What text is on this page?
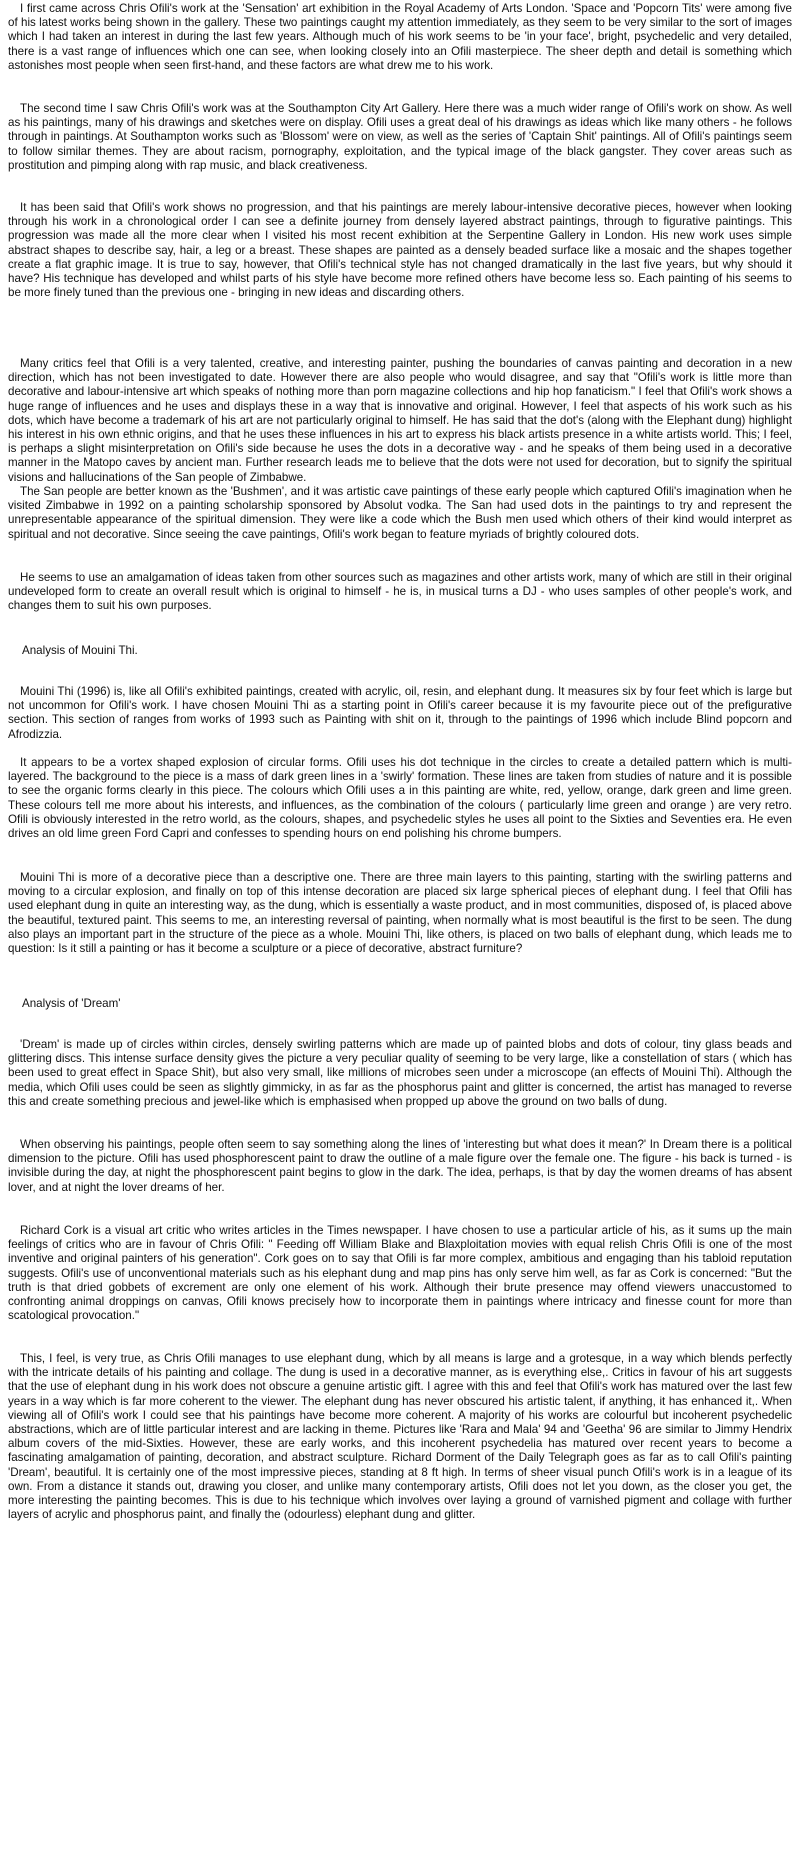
I first came across Chris Ofili's work at the 'Sensation' art exhibition in the Royal Academy of Arts London. 'Space and 'Popcorn Tits' were among five of his latest works being shown in the gallery. These two paintings caught my attention immediately, as they seem to be very similar to the sort of images which I had taken an interest in during the last few years. Although much of his work seems to be 'in your face', bright, psychedelic and very detailed, there is a vast range of influences which one can see, when looking closely into an Ofili masterpiece. The sheer depth and detail is something which astonishes most people when seen first-hand, and these factors are what drew me to his work.

The second time I saw Chris Ofili's work was at the Southampton City Art Gallery. Here there was a much wider range of Ofili's work on show. As well as his paintings, many of his drawings and sketches were on display. Ofili uses a great deal of his drawings as ideas which like many others - he follows through in paintings. At Southampton works such as 'Blossom' were on view, as well as the series of 'Captain Shit' paintings. All of Ofili's paintings seem to follow similar themes. They are about racism, pornography, exploitation, and the typical image of the black gangster. They cover areas such as prostitution and pimping along with rap music, and black creativeness.

It has been said that Ofili's work shows no progression, and that his paintings are merely labour-intensive decorative pieces, however when looking through his work in a chronological order I can see a definite journey from densely layered abstract paintings, through to figurative paintings. This progression was made all the more clear when I visited his most recent exhibition at the Serpentine Gallery in London. His new work uses simple abstract shapes to describe say, hair, a leg or a breast. These shapes are painted as a densely beaded surface like a mosaic and the shapes together create a flat graphic image. It is true to say, however, that Ofili's technical style has not changed dramatically in the last five years, but why should it have? His technique has developed and whilst parts of his style have become more refined others have become less so. Each painting of his seems to be more finely tuned than the previous one - bringing in new ideas and discarding others.

Many critics feel that Ofili is a very talented, creative, and interesting painter, pushing the boundaries of canvas painting and decoration in a new direction, which has not been investigated to date. However there are also people who would disagree, and say that "Ofili's work is little more than decorative and labour-intensive art which speaks of nothing more than porn magazine collections and hip hop fanaticism." I feel that Ofili's work shows a huge range of influences and he uses and displays these in a way that is innovative and original. However, I feel that aspects of his work such as his dots, which have become a trademark of his art are not particularly original to himself. He has said that the dot's (along with the Elephant dung) highlight his interest in his own ethnic origins, and that he uses these influences in his art to express his black artists presence in a white artists world. This; I feel, is perhaps a slight misinterpretation on Ofili's side because he uses the dots in a decorative way - and he speaks of them being used in a decorative manner in the Matopo caves by ancient man. Further research leads me to believe that the dots were not used for decoration, but to signify the spiritual visions and hallucinations of the San people of Zimbabwe.

The San people are better known as the 'Bushmen', and it was artistic cave paintings of these early people which captured Ofili's imagination when he visited Zimbabwe in 1992 on a painting scholarship sponsored by Absolut vodka. The San had used dots in the paintings to try and represent the unrepresentable appearance of the spiritual dimension. They were like a code which the Bush men used which others of their kind would interpret as spiritual and not decorative. Since seeing the cave paintings, Ofili's work began to feature myriads of brightly coloured dots.

He seems to use an amalgamation of ideas taken from other sources such as magazines and other artists work, many of which are still in their original undeveloped form to create an overall result which is original to himself - he is, in musical turns a DJ - who uses samples of other people's work, and changes them to suit his own purposes.

Analysis of Mouini Thi.

Mouini Thi (1996) is, like all Ofili's exhibited paintings, created with acrylic, oil, resin, and elephant dung. It measures six by four feet which is large but not uncommon for Ofili's work. I have chosen Mouini Thi as a starting point in Ofili's career because it is my favourite piece out of the prefigurative section. This section of ranges from works of 1993 such as Painting with shit on it, through to the paintings of 1996 which include Blind popcorn and Afrodizzia.

It appears to be a vortex shaped explosion of circular forms. Ofili uses his dot technique in the circles to create a detailed pattern which is multi-layered. The background to the piece is a mass of dark green lines in a 'swirly' formation. These lines are taken from studies of nature and it is possible to see the organic forms clearly in this piece. The colours which Ofili uses a in this painting are white, red, yellow, orange, dark green and lime green. These colours tell me more about his interests, and influences, as the combination of the colours ( particularly lime green and orange ) are very retro. Ofili is obviously interested in the retro world, as the colours, shapes, and psychedelic styles he uses all point to the Sixties and Seventies era. He even drives an old lime green Ford Capri and confesses to spending hours on end polishing his chrome bumpers.

Mouini Thi is more of a decorative piece than a descriptive one. There are three main layers to this painting, starting with the swirling patterns and moving to a circular explosion, and finally on top of this intense decoration are placed six large spherical pieces of elephant dung. I feel that Ofili has used elephant dung in quite an interesting way, as the dung, which is essentially a waste product, and in most communities, disposed of, is placed above the beautiful, textured paint. This seems to me, an interesting reversal of painting, when normally what is most beautiful is the first to be seen. The dung also plays an important part in the structure of the piece as a whole. Mouini Thi, like others, is placed on two balls of elephant dung, which leads me to question: Is it still a painting or has it become a sculpture or a piece of decorative, abstract furniture?

Analysis of 'Dream'

'Dream' is made up of circles within circles, densely swirling patterns which are made up of painted blobs and dots of colour, tiny glass beads and glittering discs. This intense surface density gives the picture a very peculiar quality of seeming to be very large, like a constellation of stars ( which has been used to great effect in Space Shit), but also very small, like millions of microbes seen under a microscope (an effects of Mouini Thi). Although the media, which Ofili uses could be seen as slightly gimmicky, in as far as the phosphorus paint and glitter is concerned, the artist has managed to reverse this and create something precious and jewel-like which is emphasised when propped up above the ground on two balls of dung.

When observing his paintings, people often seem to say something along the lines of 'interesting but what does it mean?' In Dream there is a political dimension to the picture. Ofili has used phosphorescent paint to draw the outline of a male figure over the female one. The figure - his back is turned - is invisible during the day, at night the phosphorescent paint begins to glow in the dark. The idea, perhaps, is that by day the women dreams of has absent lover, and at night the lover dreams of her.

Richard Cork is a visual art critic who writes articles in the Times newspaper. I have chosen to use a particular article of his, as it sums up the main feelings of critics who are in favour of Chris Ofili: " Feeding off William Blake and Blaxploitation movies with equal relish Chris Ofili is one of the most inventive and original painters of his generation". Cork goes on to say that Ofili is far more complex, ambitious and engaging than his tabloid reputation suggests. Ofili's use of unconventional materials such as his elephant dung and map pins has only serve him well, as far as Cork is concerned: "But the truth is that dried gobbets of excrement are only one element of his work. Although their brute presence may offend viewers unaccustomed to confronting animal droppings on canvas, Ofili knows precisely how to incorporate them in paintings where intricacy and finesse count for more than scatological provocation."

This, I feel, is very true, as Chris Ofili manages to use elephant dung, which by all means is large and a grotesque, in a way which blends perfectly with the intricate details of his painting and collage. The dung is used in a decorative manner, as is everything else,. Critics in favour of his art suggests that the use of elephant dung in his work does not obscure a genuine artistic gift. I agree with this and feel that Ofili's work has matured over the last few years in a way which is far more coherent to the viewer. The elephant dung has never obscured his artistic talent, if anything, it has enhanced it,. When viewing all of Ofili's work I could see that his paintings have become more coherent. A majority of his works are colourful but incoherent psychedelic abstractions, which are of little particular interest and are lacking in theme. Pictures like 'Rara and Mala' 94 and 'Geetha' 96 are similar to Jimmy Hendrix album covers of the mid-Sixties. However, these are early works, and this incoherent psychedelia has matured over recent years to become a fascinating amalgamation of painting, decoration, and abstract sculpture. Richard Dorment of the Daily Telegraph goes as far as to call Ofili's painting 'Dream', beautiful. It is certainly one of the most impressive pieces, standing at 8 ft high. In terms of sheer visual punch Ofili's work is in a league of its own. From a distance it stands out, drawing you closer, and unlike many contemporary artists, Ofili does not let you down, as the closer you get, the more interesting the painting becomes. This is due to his technique which involves over laying a ground of varnished pigment and collage with further layers of acrylic and phosphorus paint, and finally the (odourless) elephant dung and glitter.
